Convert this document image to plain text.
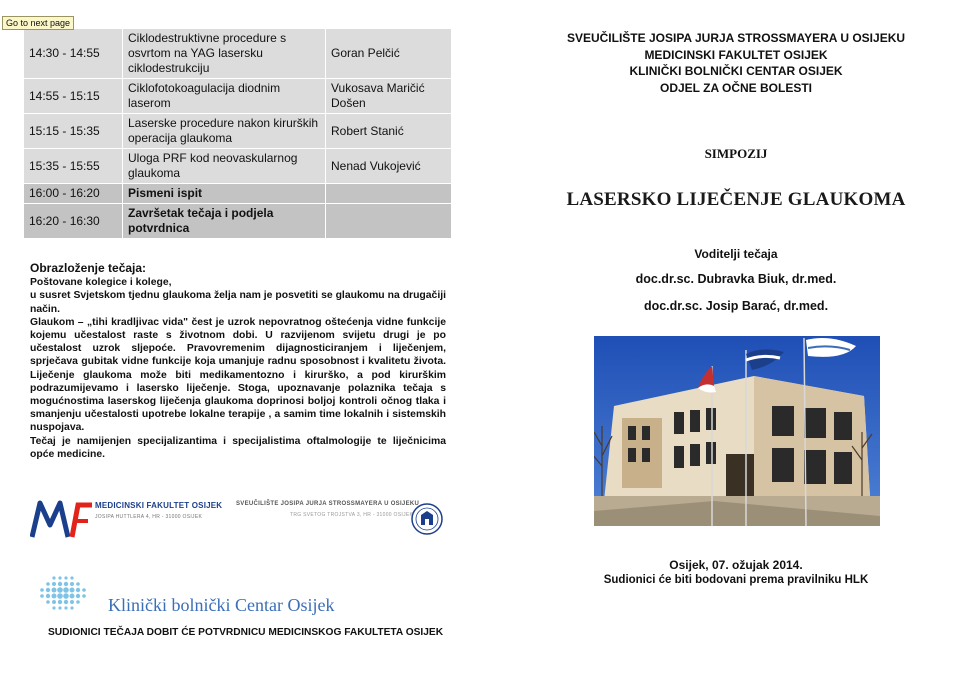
Go to next page
14:30 - 14:55	Ciklodestruktivne procedure s osvrtom na YAG lasersku ciklodestrukciju	Goran Pelčić
14:55 - 15:15	Ciklofotokoagulacija diodnim laserom	Vukosava Maričić Došen
15:15 - 15:35	Laserske procedure nakon kirurških operacija glaukoma	Robert Stanić
15:35 - 15:55	Uloga PRF kod neovaskularnog glaukoma	Nenad Vukojević
16:00 - 16:20	Pismeni ispit	
16:20 - 16:30	Završetak tečaja i podjela potvrdnica	
Obrazloženje tečaja:

Poštovane kolegice i kolege,

u susret Svjetskom tjednu glaukoma želja nam je posvetiti se glaukomu na drugačiji način.

Glaukom – „tihi kradljivac vida" čest je uzrok nepovratnog oštećenja vidne funkcije kojemu učestalost raste s životnom dobi. U razvijenom svijetu drugi je po učestalost uzrok sljepoće. Pravovremenim dijagnosticiranjem i liječenjem, sprječava gubitak vidne funkcije koja umanjuje radnu sposobnost i kvalitetu života. Liječenje glaukoma može biti medikamentozno i kirurško, a pod kirurškim podrazumijevamo i lasersko liječenje. Stoga, upoznavanje polaznika tečaja s mogućnostima laserskog liječenja glaukoma doprinosi boljoj kontroli očnog tlaka i smanjenju učestalosti upotrebe lokalne terapije , a samim time lokalnih i sistemskih nuspojava.

Tečaj je namijenjen specijalizantima i specijalistima oftalmologije te liječnicima opće medicine.

MEDICINSKI FAKULTET OSIJEK
JOSIPA HUTTLERA 4, HR - 31000 OSIJEK
SVEUČILIŠTE JOSIPA JURJA STROSSMAYERA U OSIJEKU
TRG SVETOG TROJSTVA 3, HR - 31000 OSIJEK
Klinički bolnički Centar Osijek
SUDIONICI TEČAJA DOBIT ĆE POTVRDNICU MEDICINSKOG FAKULTETA OSIJEK
SVEUČILIŠTE JOSIPA JURJA STROSSMAYERA U OSIJEKU
MEDICINSKI FAKULTET OSIJEK
KLINIČKI BOLNIČKI CENTAR OSIJEK
ODJEL ZA OČNE BOLESTI
SIMPOZIJ
LASERSKO LIJEČENJE GLAUKOMA
Voditelji tečaja
doc.dr.sc. Dubravka Biuk, dr.med.
doc.dr.sc. Josip Barać, dr.med.
Osijek, 07. ožujak 2014.
Sudionici će biti bodovani prema pravilniku HLK
